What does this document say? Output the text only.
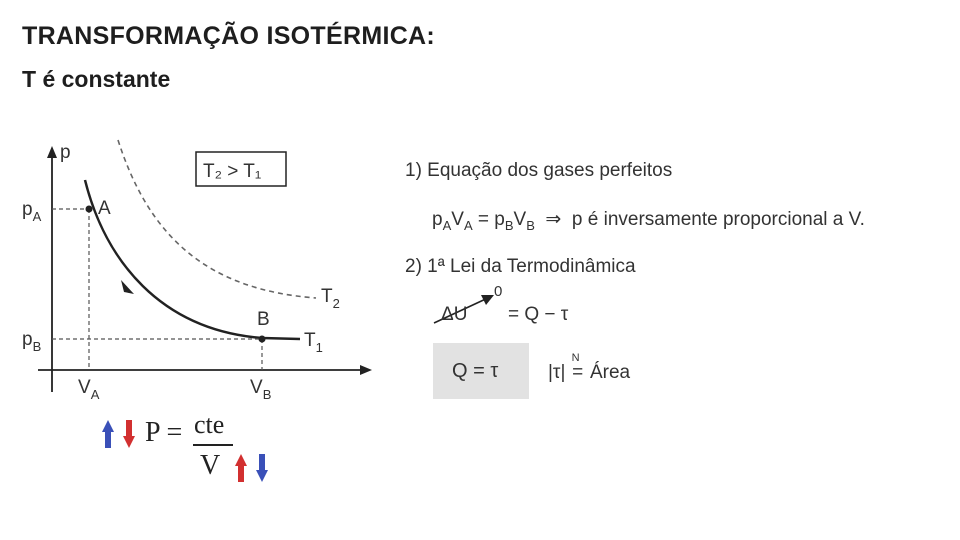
TRANSFORMAÇÃO ISOTÉRMICA:
T é constante
p
$p_A$
$p_B$
$V_A$	$V_B$
A
B
$T_1$
$T_2$
T₂ > T₁	1) Equação dos gases perfeitos
$p_AV_A = p_BV_B$  ⇒  p é inversamente proporcional a V.
2) 1ª Lei da Termodinâmica
ΔU
0
= Q − τ
Q = τ	|τ|
N
= Área
P = cte
V
